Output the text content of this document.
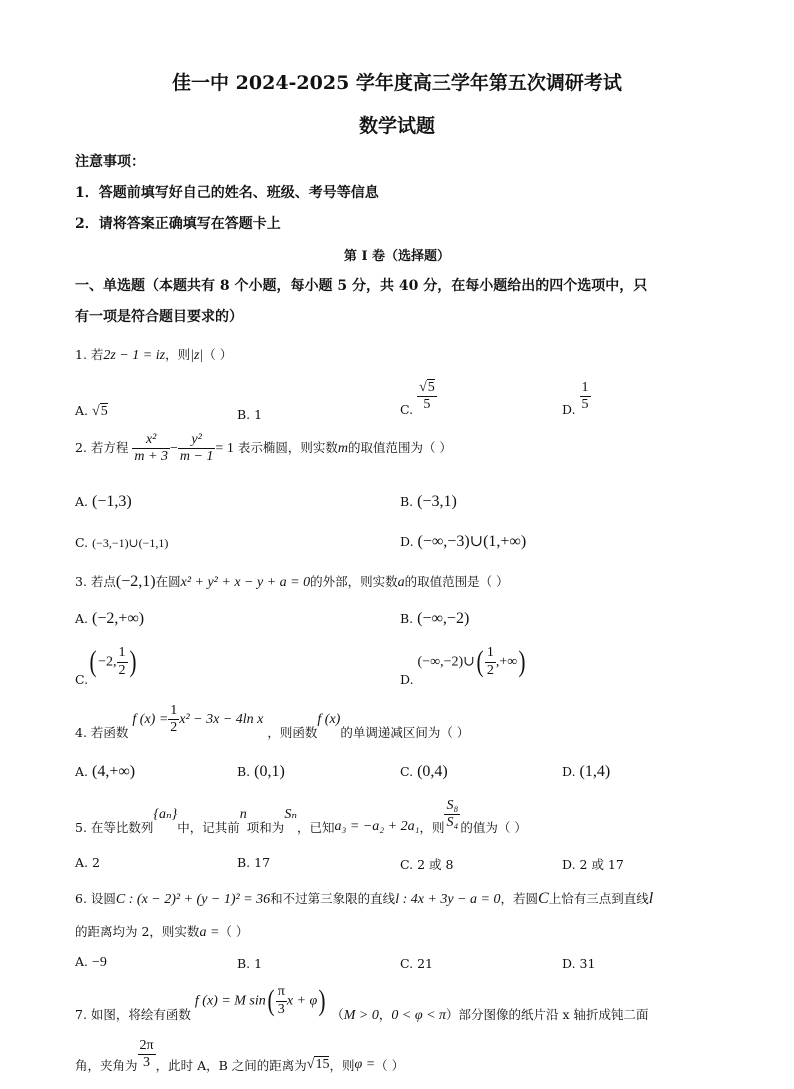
佳一中 2024-2025 学年度高三学年第五次调研考试
数学试题
注意事项：
1．答题前填写好自己的姓名、班级、考号等信息
2．请将答案正确填写在答题卡上
第 I 卷（选择题）
一、单选题（本题共有 8 个小题，每小题 5 分，共 40 分，在每小题给出的四个选项中，只
有一项是符合题目要求的）
1. 若2z − 1 = iz，则|z|（ ）
A. √5	B. 1	C. $\frac{√5}{5}$	D. $\frac{1}{5}$
2. 若方程 $\frac{\text{x²}}{m + 3} - \frac{\text{y²}}{m - 1} = 1$ 表示椭圆，则实数m的取值范围为（ ）
A. (−1,3)	B. (−3,1)
C. (−3,−1)∪(−1,1)	D. (−∞,−3)∪(1,+∞)
3. 若点(−2,1)在圆x² + y² + x − y + a = 0的外部，则实数a的取值范围是（ ）
A. (−2,+∞)	B. (−∞,−2)
C.( −2, $\frac{1}{2}$ )
D. (−∞,−2)∪( $\frac{1}{2}$ ,+∞)
4. 若函数 f $(x) = \frac{1}{2} x^2 - 3x - 4\ln$ x ，则函数f (x)的单调递减区间为（ ）
A. (4,+∞)	B. (0,1)	C. (0,4)	D. (1,4)
5. 在等比数列{aₙ}中，记其前n项和为Sₙ，已知a₃ = −a₂ + 2a₁，则 $\frac{\text{S₈}}{\text{S₄}}$ 的值为（ ）
A. 2	B. 17	C. 2 或 8	D. 2 或 17
6. 设圆C : (x − 2)² + (y − 1)² = 36和不过第三象限的直线l : 4x + 3y − a = 0，若圆C上恰有三点到直线l
的距离均为 2，则实数a =（ ）
A. −9	B. 1	C. 21	D. 31
7. 如图，将绘有函数 f (x) = M $\sin( \frac{\pi}{3}$ x + φ) （M > 0，0 < φ < π）部分图像的纸片沿 x 轴折成钝二面
角，夹角为 $\frac{2\pi}{3}$ ，此时 A，B 之间的距离为√15，则φ =（ ）
